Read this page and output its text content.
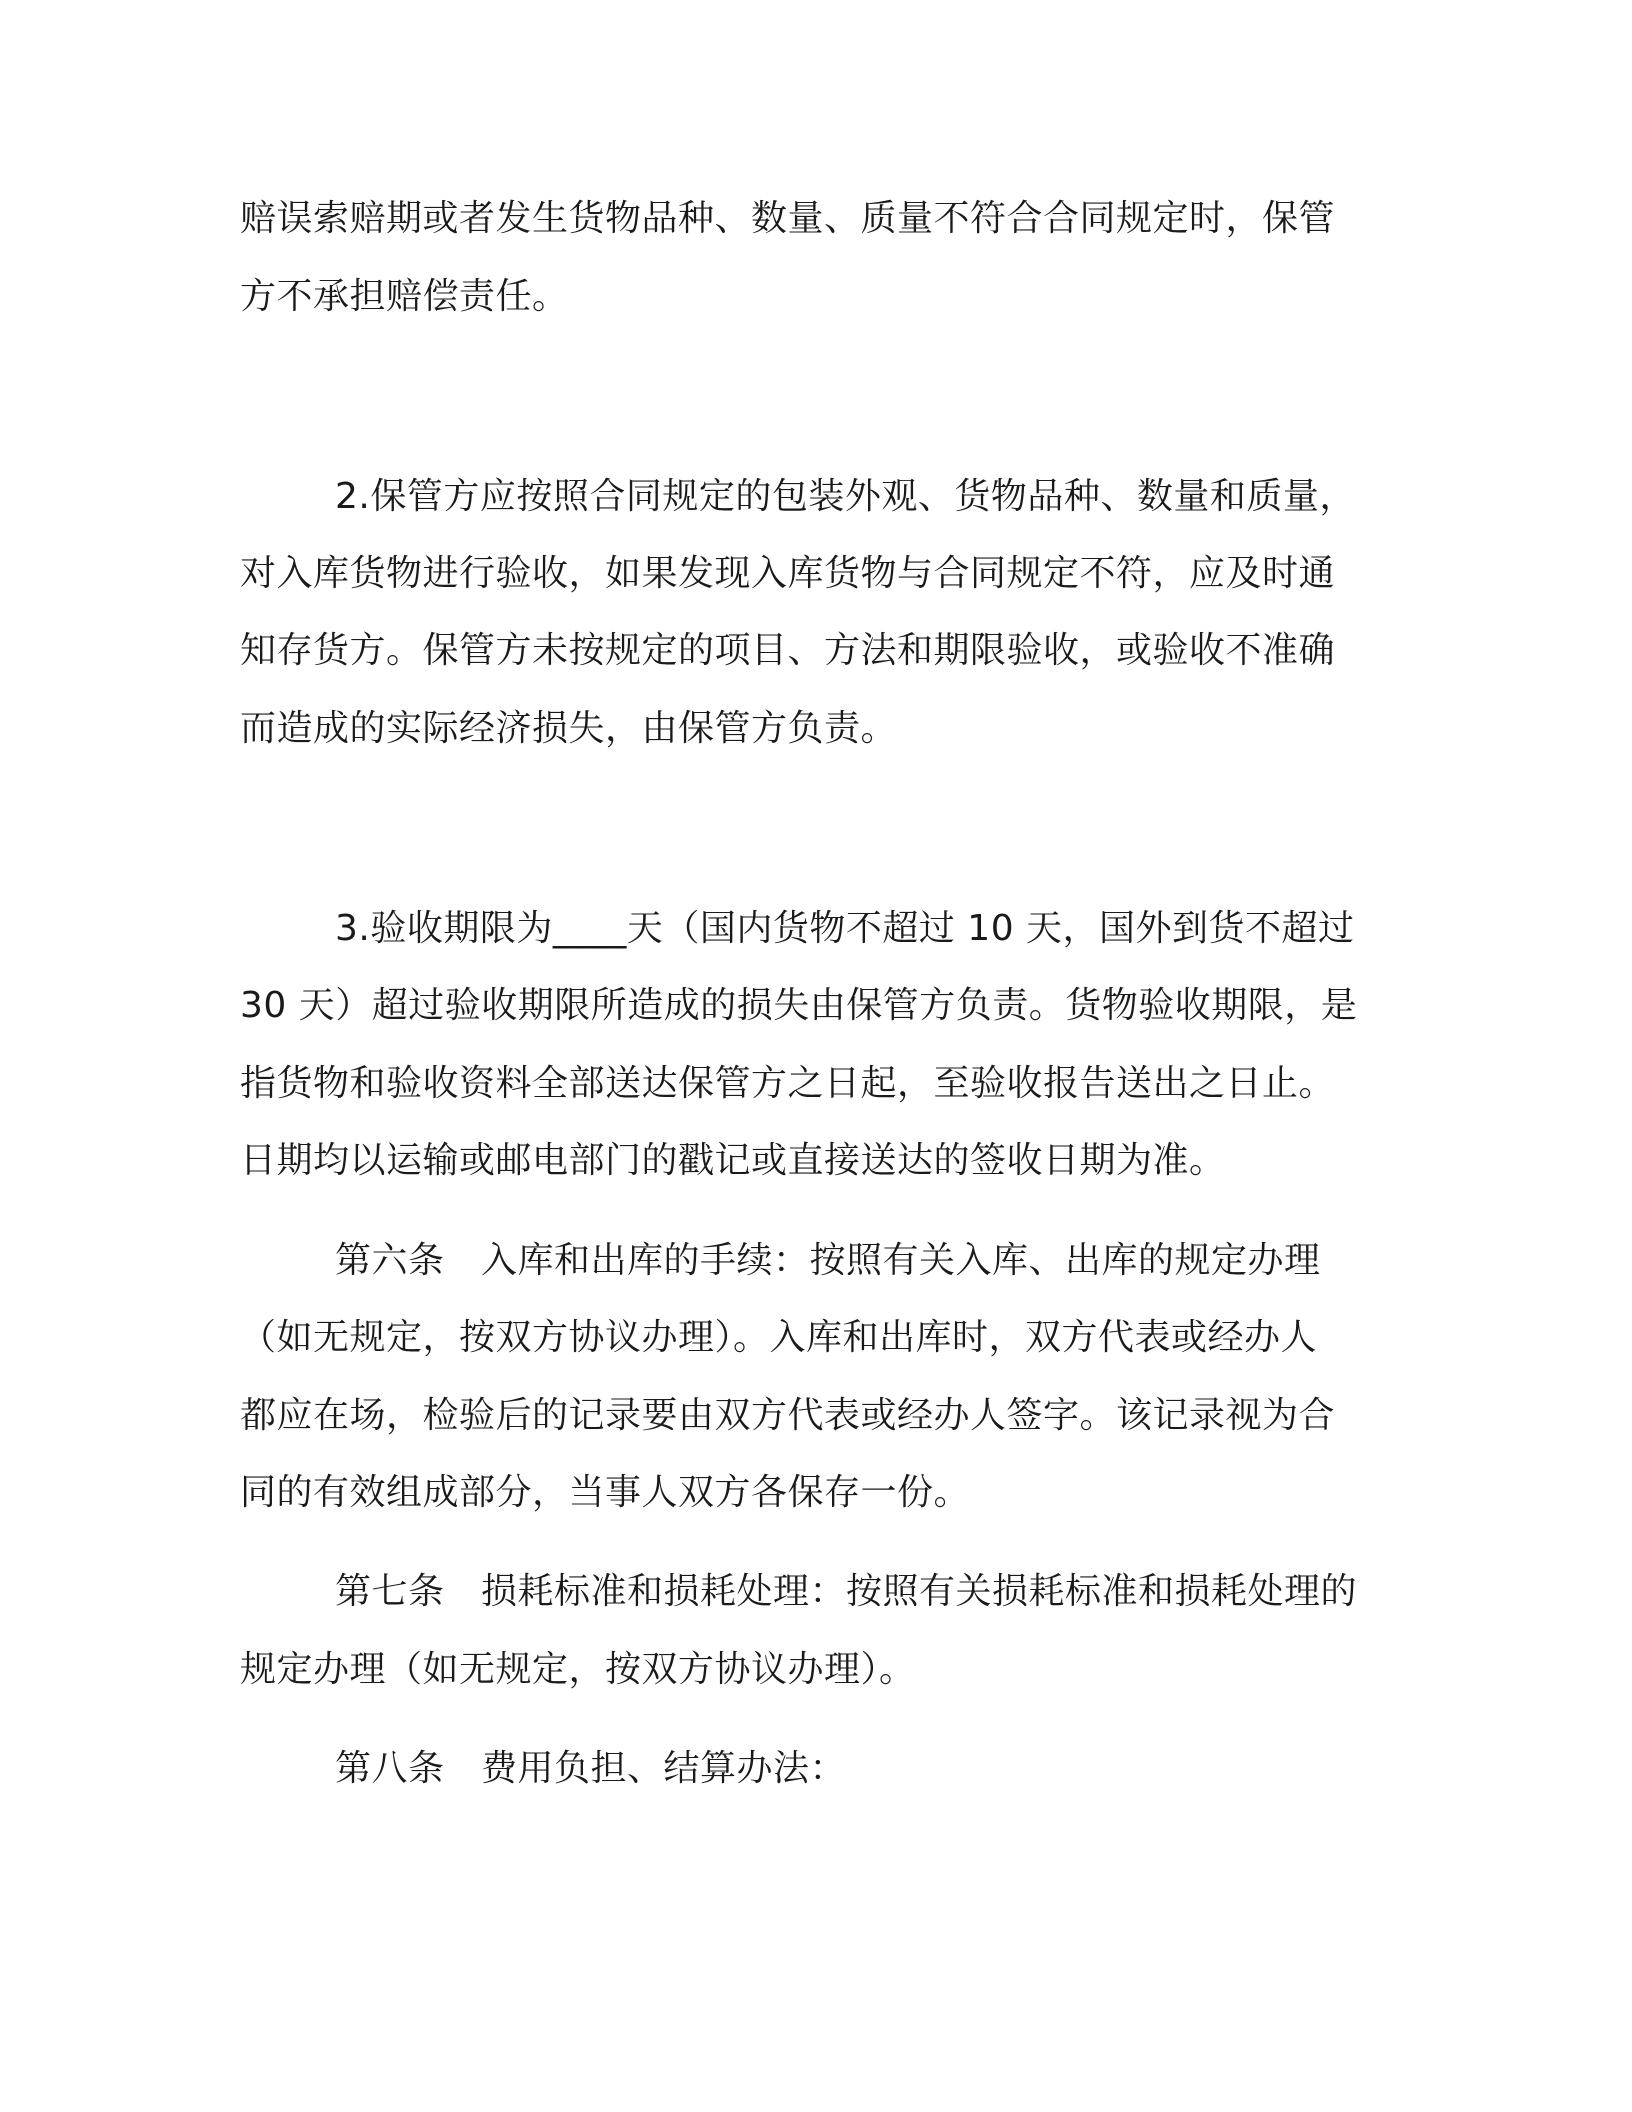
赔误索赔期或者发生货物品种、数量、质量不符合合同规定时，保管
方不承担赔偿责任。
2.保管方应按照合同规定的包装外观、货物品种、数量和质量，
对入库货物进行验收，如果发现入库货物与合同规定不符，应及时通
知存货方。保管方未按规定的项目、方法和期限验收，或验收不准确
而造成的实际经济损失，由保管方负责。
3.验收期限为____天（国内货物不超过 10 天，国外到货不超过
30 天）超过验收期限所造成的损失由保管方负责。货物验收期限，是
指货物和验收资料全部送达保管方之日起，至验收报告送出之日止。
日期均以运输或邮电部门的戳记或直接送达的签收日期为准。
第六条　入库和出库的手续：按照有关入库、出库的规定办理
（如无规定，按双方协议办理）。入库和出库时，双方代表或经办人
都应在场，检验后的记录要由双方代表或经办人签字。该记录视为合
同的有效组成部分，当事人双方各保存一份。
第七条　损耗标准和损耗处理：按照有关损耗标准和损耗处理的
规定办理（如无规定，按双方协议办理）。
第八条　费用负担、结算办法：
